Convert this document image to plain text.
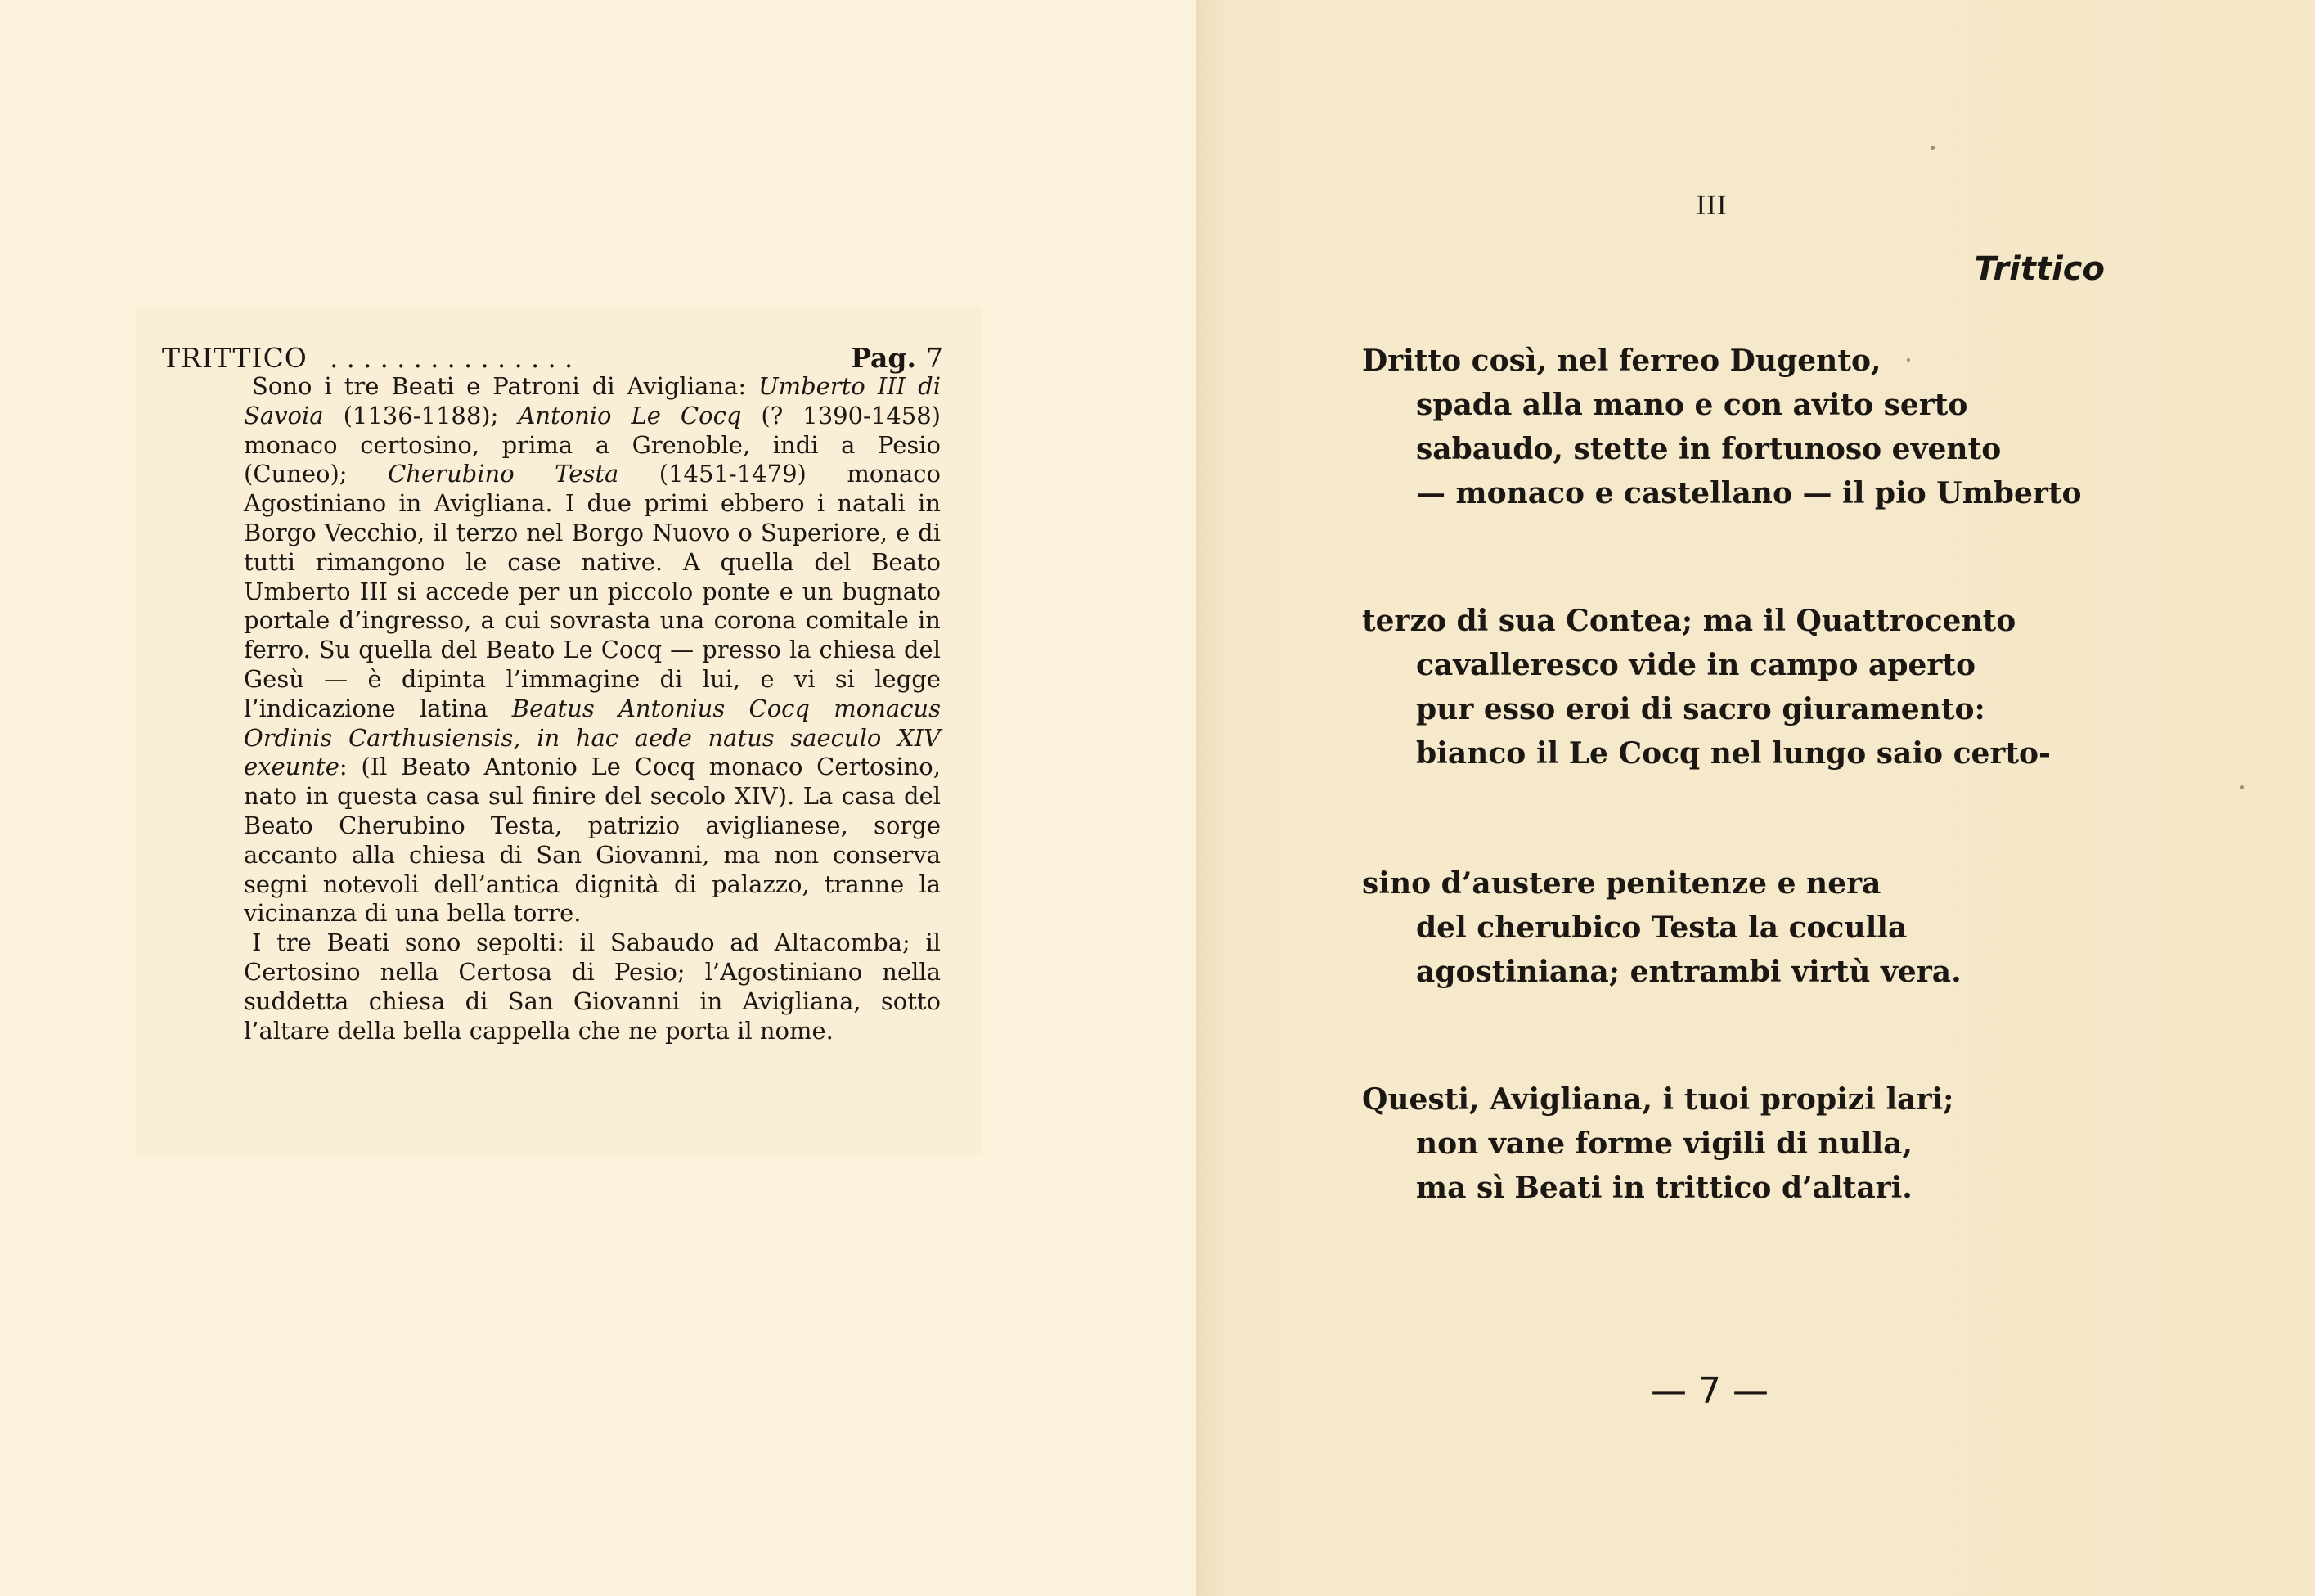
TRITTICO ...............	Pag. 7

Sono i tre Beati e Patroni di Avigliana: Umberto III di Savoia (1136-1188); Antonio Le Cocq (? 1390-1458) monaco certosino, prima a Grenoble, indi a Pesio (Cuneo); Cherubino Testa (1451-1479) monaco Agostiniano in Avigliana. I due primi ebbero i natali in Borgo Vecchio, il terzo nel Borgo Nuovo o Superiore, e di tutti rimangono le case native. A quella del Beato Umberto III si accede per un piccolo ponte e un bugnato portale d’ingresso, a cui sovrasta una corona comitale in ferro. Su quella del Beato Le Cocq — presso la chiesa del Gesù — è dipinta l’immagine di lui, e vi si legge l’indicazione latina Beatus Antonius Cocq monacus Ordinis Carthusiensis, in hac aede natus saeculo XIV exeunte: (Il Beato Antonio Le Cocq monaco Certosino, nato in questa casa sul finire del secolo XIV). La casa del Beato Cherubino Testa, patrizio aviglianese, sorge accanto alla chiesa di San Giovanni, ma non conserva segni notevoli dell’antica dignità di palazzo, tranne la vicinanza di una bella torre.

I tre Beati sono sepolti: il Sabaudo ad Altacomba; il Certosino nella Certosa di Pesio; l’Agostiniano nella suddetta chiesa di San Giovanni in Avigliana, sotto l’altare della bella cappella che ne porta il nome.

III
Trittico
Dritto così, nel ferreo Dugento,
spada alla mano e con avito serto
sabaudo, stette in fortunoso evento
— monaco e castellano — il pio Umberto
terzo di sua Contea; ma il Quattrocento
cavalleresco vide in campo aperto
pur esso eroi di sacro giuramento:
bianco il Le Cocq nel lungo saio certo-
sino d’austere penitenze e nera
del cherubico Testa la coculla
agostiniana; entrambi virtù vera.
Questi, Avigliana, i tuoi propizi lari;
non vane forme vigili di nulla,
ma sì Beati in trittico d’altari.
— 7 —
